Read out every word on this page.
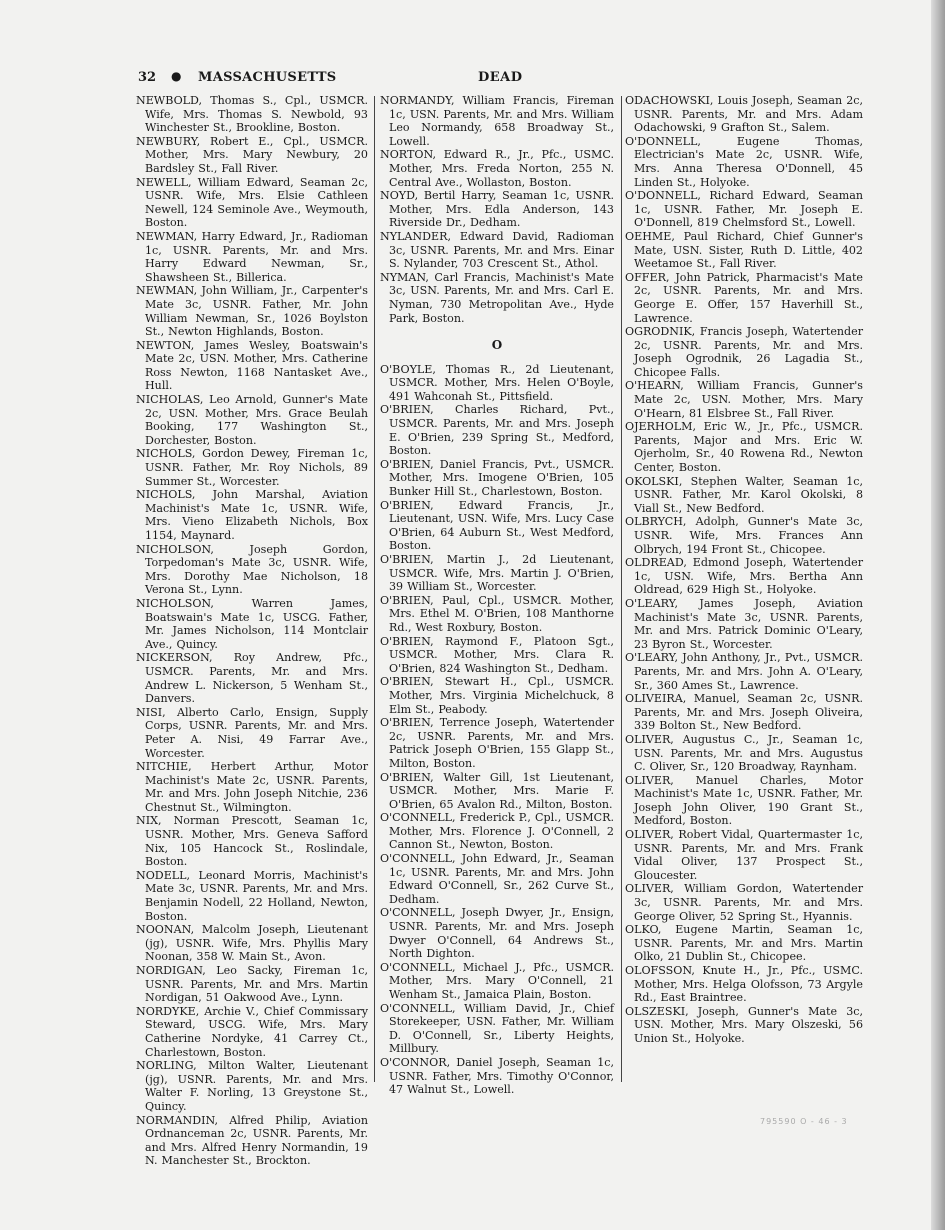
32 ● MASSACHUSETTS	DEAD

NEWBOLD, Thomas S., Cpl., USMCR. Wife, Mrs. Thomas S. Newbold, 93 Winchester St., Brookline, Boston.

NEWBURY, Robert E., Cpl., USMCR. Mother, Mrs. Mary Newbury, 20 Bardsley St., Fall River.

NEWELL, William Edward, Seaman 2c, USNR. Wife, Mrs. Elsie Cathleen Newell, 124 Seminole Ave., Weymouth, Boston.

NEWMAN, Harry Edward, Jr., Radioman 1c, USNR. Parents, Mr. and Mrs. Harry Edward Newman, Sr., Shawsheen St., Billerica.

NEWMAN, John William, Jr., Carpenter's Mate 3c, USNR. Father, Mr. John William Newman, Sr., 1026 Boylston St., Newton Highlands, Boston.

NEWTON, James Wesley, Boatswain's Mate 2c, USN. Mother, Mrs. Catherine Ross Newton, 1168 Nantasket Ave., Hull.

NICHOLAS, Leo Arnold, Gunner's Mate 2c, USN. Mother, Mrs. Grace Beulah Booking, 177 Washington St., Dorchester, Boston.

NICHOLS, Gordon Dewey, Fireman 1c, USNR. Father, Mr. Roy Nichols, 89 Summer St., Worcester.

NICHOLS, John Marshal, Aviation Machinist's Mate 1c, USNR. Wife, Mrs. Vieno Elizabeth Nichols, Box 1154, Maynard.

NICHOLSON, Joseph Gordon, Torpedoman's Mate 3c, USNR. Wife, Mrs. Dorothy Mae Nicholson, 18 Verona St., Lynn.

NICHOLSON, Warren James, Boatswain's Mate 1c, USCG. Father, Mr. James Nicholson, 114 Montclair Ave., Quincy.

NICKERSON, Roy Andrew, Pfc., USMCR. Parents, Mr. and Mrs. Andrew L. Nickerson, 5 Wenham St., Danvers.

NISI, Alberto Carlo, Ensign, Supply Corps, USNR. Parents, Mr. and Mrs. Peter A. Nisi, 49 Farrar Ave., Worcester.

NITCHIE, Herbert Arthur, Motor Machinist's Mate 2c, USNR. Parents, Mr. and Mrs. John Joseph Nitchie, 236 Chestnut St., Wilmington.

NIX, Norman Prescott, Seaman 1c, USNR. Mother, Mrs. Geneva Safford Nix, 105 Hancock St., Roslindale, Boston.

NODELL, Leonard Morris, Machinist's Mate 3c, USNR. Parents, Mr. and Mrs. Benjamin Nodell, 22 Holland, Newton, Boston.

NOONAN, Malcolm Joseph, Lieutenant (jg), USNR. Wife, Mrs. Phyllis Mary Noonan, 358 W. Main St., Avon.

NORDIGAN, Leo Sacky, Fireman 1c, USNR. Parents, Mr. and Mrs. Martin Nordigan, 51 Oakwood Ave., Lynn.

NORDYKE, Archie V., Chief Commissary Steward, USCG. Wife, Mrs. Mary Catherine Nordyke, 41 Carrey Ct., Charlestown, Boston.

NORLING, Milton Walter, Lieutenant (jg), USNR. Parents, Mr. and Mrs. Walter F. Norling, 13 Greystone St., Quincy.

NORMANDIN, Alfred Philip, Aviation Ordnanceman 2c, USNR. Parents, Mr. and Mrs. Alfred Henry Normandin, 19 N. Manchester St., Brockton.

NORMANDY, William Francis, Fireman 1c, USN. Parents, Mr. and Mrs. William Leo Normandy, 658 Broadway St., Lowell.

NORTON, Edward R., Jr., Pfc., USMC. Mother, Mrs. Freda Norton, 255 N. Central Ave., Wollaston, Boston.

NOYD, Bertil Harry, Seaman 1c, USNR. Mother, Mrs. Edla Anderson, 143 Riverside Dr., Dedham.

NYLANDER, Edward David, Radioman 3c, USNR. Parents, Mr. and Mrs. Einar S. Nylander, 703 Crescent St., Athol.

NYMAN, Carl Francis, Machinist's Mate 3c, USN. Parents, Mr. and Mrs. Carl E. Nyman, 730 Metropolitan Ave., Hyde Park, Boston.

O

O'BOYLE, Thomas R., 2d Lieutenant, USMCR. Mother, Mrs. Helen O'Boyle, 491 Wahconah St., Pittsfield.

O'BRIEN, Charles Richard, Pvt., USMCR. Parents, Mr. and Mrs. Joseph E. O'Brien, 239 Spring St., Medford, Boston.

O'BRIEN, Daniel Francis, Pvt., USMCR. Mother, Mrs. Imogene O'Brien, 105 Bunker Hill St., Charlestown, Boston.

O'BRIEN, Edward Francis, Jr., Lieutenant, USN. Wife, Mrs. Lucy Case O'Brien, 64 Auburn St., West Medford, Boston.

O'BRIEN, Martin J., 2d Lieutenant, USMCR. Wife, Mrs. Martin J. O'Brien, 39 William St., Worcester.

O'BRIEN, Paul, Cpl., USMCR. Mother, Mrs. Ethel M. O'Brien, 108 Manthorne Rd., West Roxbury, Boston.

O'BRIEN, Raymond F., Platoon Sgt., USMCR. Mother, Mrs. Clara R. O'Brien, 824 Washington St., Dedham.

O'BRIEN, Stewart H., Cpl., USMCR. Mother, Mrs. Virginia Michelchuck, 8 Elm St., Peabody.

O'BRIEN, Terrence Joseph, Watertender 2c, USNR. Parents, Mr. and Mrs. Patrick Joseph O'Brien, 155 Glapp St., Milton, Boston.

O'BRIEN, Walter Gill, 1st Lieutenant, USMCR. Mother, Mrs. Marie F. O'Brien, 65 Avalon Rd., Milton, Boston.

O'CONNELL, Frederick P., Cpl., USMCR. Mother, Mrs. Florence J. O'Connell, 2 Cannon St., Newton, Boston.

O'CONNELL, John Edward, Jr., Seaman 1c, USNR. Parents, Mr. and Mrs. John Edward O'Connell, Sr., 262 Curve St., Dedham.

O'CONNELL, Joseph Dwyer, Jr., Ensign, USNR. Parents, Mr. and Mrs. Joseph Dwyer O'Connell, 64 Andrews St., North Dighton.

O'CONNELL, Michael J., Pfc., USMCR. Mother, Mrs. Mary O'Connell, 21 Wenham St., Jamaica Plain, Boston.

O'CONNELL, William David, Jr., Chief Storekeeper, USN. Father, Mr. William D. O'Connell, Sr., Liberty Heights, Millbury.

O'CONNOR, Daniel Joseph, Seaman 1c, USNR. Father, Mrs. Timothy O'Connor, 47 Walnut St., Lowell.

ODACHOWSKI, Louis Joseph, Seaman 2c, USNR. Parents, Mr. and Mrs. Adam Odachowski, 9 Grafton St., Salem.

O'DONNELL, Eugene Thomas, Electrician's Mate 2c, USNR. Wife, Mrs. Anna Theresa O'Donnell, 45 Linden St., Holyoke.

O'DONNELL, Richard Edward, Seaman 1c, USNR. Father, Mr. Joseph E. O'Donnell, 819 Chelmsford St., Lowell.

OEHME, Paul Richard, Chief Gunner's Mate, USN. Sister, Ruth D. Little, 402 Weetamoe St., Fall River.

OFFER, John Patrick, Pharmacist's Mate 2c, USNR. Parents, Mr. and Mrs. George E. Offer, 157 Haverhill St., Lawrence.

OGRODNIK, Francis Joseph, Watertender 2c, USNR. Parents, Mr. and Mrs. Joseph Ogrodnik, 26 Lagadia St., Chicopee Falls.

O'HEARN, William Francis, Gunner's Mate 2c, USN. Mother, Mrs. Mary O'Hearn, 81 Elsbree St., Fall River.

OJERHOLM, Eric W., Jr., Pfc., USMCR. Parents, Major and Mrs. Eric W. Ojerholm, Sr., 40 Rowena Rd., Newton Center, Boston.

OKOLSKI, Stephen Walter, Seaman 1c, USNR. Father, Mr. Karol Okolski, 8 Viall St., New Bedford.

OLBRYCH, Adolph, Gunner's Mate 3c, USNR. Wife, Mrs. Frances Ann Olbrych, 194 Front St., Chicopee.

OLDREAD, Edmond Joseph, Watertender 1c, USN. Wife, Mrs. Bertha Ann Oldread, 629 High St., Holyoke.

O'LEARY, James Joseph, Aviation Machinist's Mate 3c, USNR. Parents, Mr. and Mrs. Patrick Dominic O'Leary, 23 Byron St., Worcester.

O'LEARY, John Anthony, Jr., Pvt., USMCR. Parents, Mr. and Mrs. John A. O'Leary, Sr., 360 Ames St., Lawrence.

OLIVEIRA, Manuel, Seaman 2c, USNR. Parents, Mr. and Mrs. Joseph Oliveira, 339 Bolton St., New Bedford.

OLIVER, Augustus C., Jr., Seaman 1c, USN. Parents, Mr. and Mrs. Augustus C. Oliver, Sr., 120 Broadway, Raynham.

OLIVER, Manuel Charles, Motor Machinist's Mate 1c, USNR. Father, Mr. Joseph John Oliver, 190 Grant St., Medford, Boston.

OLIVER, Robert Vidal, Quartermaster 1c, USNR. Parents, Mr. and Mrs. Frank Vidal Oliver, 137 Prospect St., Gloucester.

OLIVER, William Gordon, Watertender 3c, USNR. Parents, Mr. and Mrs. George Oliver, 52 Spring St., Hyannis.

OLKO, Eugene Martin, Seaman 1c, USNR. Parents, Mr. and Mrs. Martin Olko, 21 Dublin St., Chicopee.

OLOFSSON, Knute H., Jr., Pfc., USMC. Mother, Mrs. Helga Olofsson, 73 Argyle Rd., East Braintree.

OLSZESKI, Joseph, Gunner's Mate 3c, USN. Mother, Mrs. Mary Olszeski, 56 Union St., Holyoke.

795590 O - 46 - 3
